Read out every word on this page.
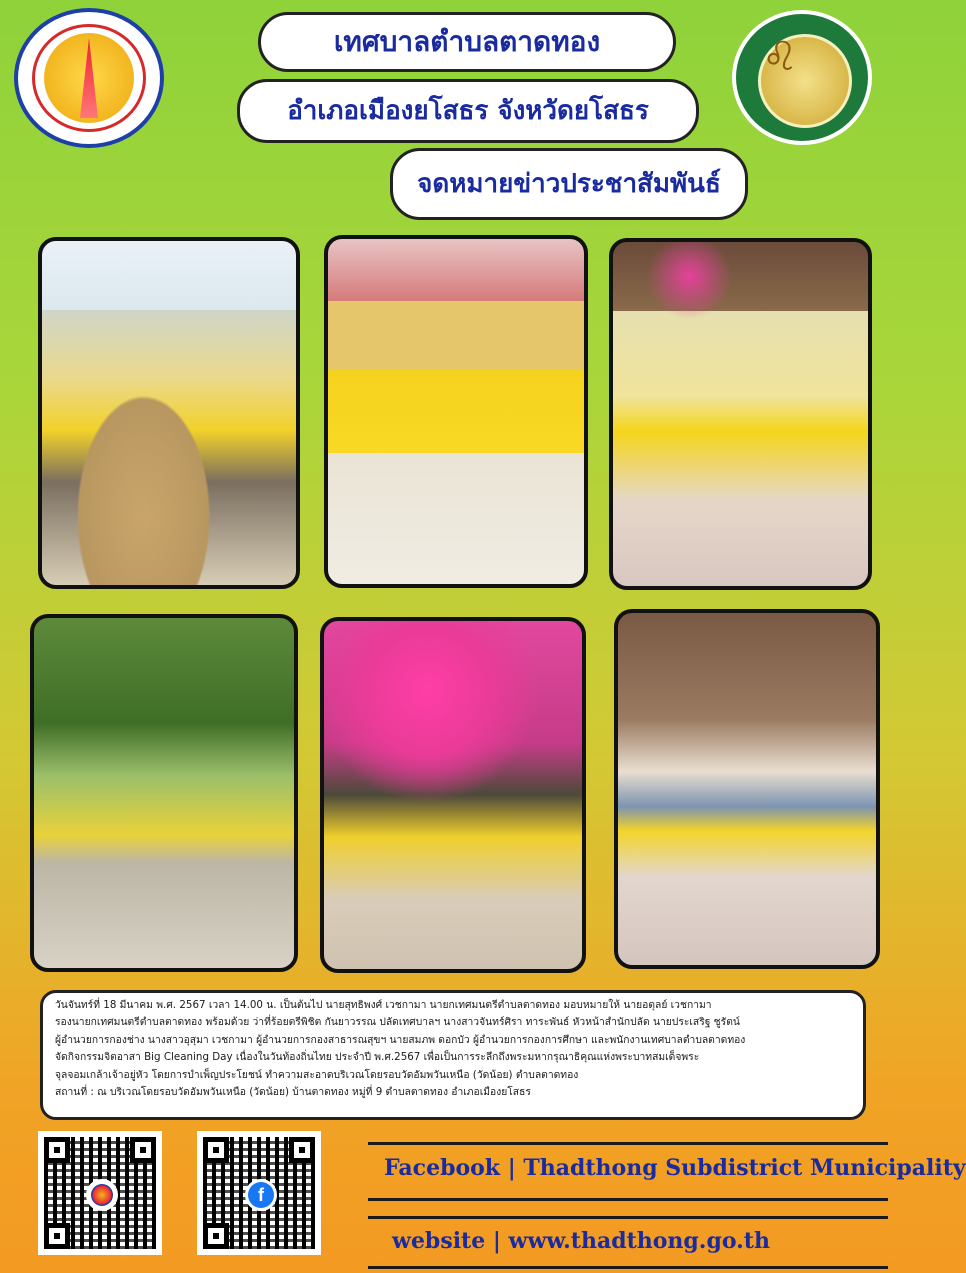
♌
เทศบาลตำบลตาดทอง
อำเภอเมืองยโสธร จังหวัดยโสธร
จดหมายข่าวประชาสัมพันธ์

วันจันทร์ที่ 18 มีนาคม พ.ศ. 2567 เวลา 14.00 น. เป็นต้นไป นายสุทธิพงศ์ เวชกามา นายกเทศมนตรีตำบลตาดทอง มอบหมายให้ นายอดุลย์ เวชกามา

รองนายกเทศมนตรีตำบลตาดทอง พร้อมด้วย ว่าที่ร้อยตรีพิชิต กันยาวรรณ ปลัดเทศบาลฯ นางสาวจันทร์ศิรา ทาระพันธ์ หัวหน้าสำนักปลัด นายประเสริฐ ชูรัตน์

ผู้อำนวยการกองช่าง นางสาวอุสุมา เวชกามา ผู้อำนวยการกองสาธารณสุขฯ นายสมภพ ดอกบัว ผู้อำนวยการกองการศึกษา และพนักงานเทศบาลตำบลตาดทอง

จัดกิจกรรมจิตอาสา Big Cleaning Day เนื่องในวันท้องถิ่นไทย ประจำปี พ.ศ.2567 เพื่อเป็นการระลึกถึงพระมหากรุณาธิคุณแห่งพระบาทสมเด็จพระ

จุลจอมเกล้าเจ้าอยู่หัว โดยการบำเพ็ญประโยชน์ ทำความสะอาดบริเวณโดยรอบวัดอัมพวันเหนือ (วัดน้อย) ตำบลตาดทอง

สถานที่ : ณ บริเวณโดยรอบวัดอัมพวันเหนือ (วัดน้อย) บ้านตาดทอง หมู่ที่ 9 ตำบลตาดทอง อำเภอเมืองยโสธร

f
Facebook | Thadthong Subdistrict Municipality
website | www.thadthong.go.th
